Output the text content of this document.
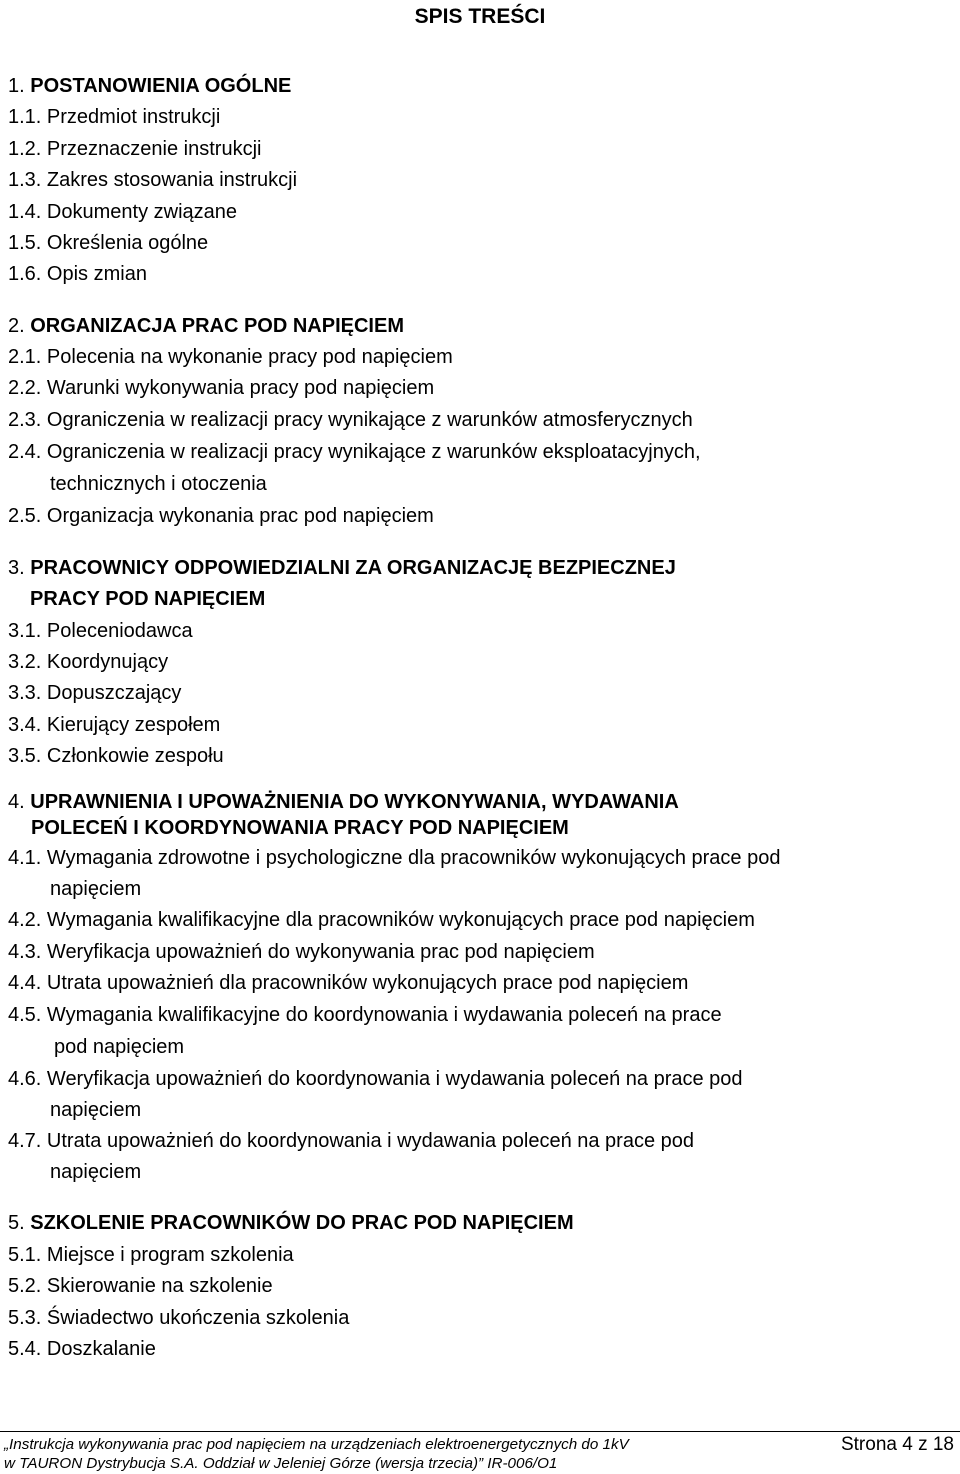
SPIS TREŚCI
1. POSTANOWIENIA OGÓLNE
1.1. Przedmiot instrukcji
1.2. Przeznaczenie instrukcji
1.3. Zakres stosowania instrukcji
1.4. Dokumenty związane
1.5. Określenia ogólne
1.6. Opis zmian
2. ORGANIZACJA PRAC POD NAPIĘCIEM
2.1. Polecenia na wykonanie pracy pod napięciem
2.2. Warunki wykonywania pracy pod napięciem
2.3. Ograniczenia w realizacji pracy wynikające z warunków atmosferycznych
2.4. Ograniczenia w realizacji pracy wynikające z warunków eksploatacyjnych,
technicznych i otoczenia
2.5. Organizacja wykonania prac pod napięciem
3. PRACOWNICY ODPOWIEDZIALNI ZA ORGANIZACJĘ BEZPIECZNEJ
PRACY POD NAPIĘCIEM
3.1. Poleceniodawca
3.2. Koordynujący
3.3. Dopuszczający
3.4. Kierujący zespołem
3.5. Członkowie zespołu
4. UPRAWNIENIA I UPOWAŻNIENIA DO WYKONYWANIA, WYDAWANIA
POLECEŃ I KOORDYNOWANIA PRACY POD NAPIĘCIEM
4.1. Wymagania zdrowotne i psychologiczne dla pracowników wykonujących prace pod
napięciem
4.2. Wymagania kwalifikacyjne dla pracowników wykonujących prace pod napięciem
4.3. Weryfikacja upoważnień do wykonywania prac pod napięciem
4.4. Utrata upoważnień dla pracowników wykonujących prace pod napięciem
4.5. Wymagania kwalifikacyjne do koordynowania i wydawania poleceń na prace
pod napięciem
4.6. Weryfikacja upoważnień do koordynowania i wydawania poleceń na prace pod
napięciem
4.7. Utrata upoważnień do koordynowania i wydawania poleceń na prace pod
napięciem
5. SZKOLENIE PRACOWNIKÓW DO PRAC POD NAPIĘCIEM
5.1. Miejsce i program szkolenia
5.2. Skierowanie na szkolenie
5.3. Świadectwo ukończenia szkolenia
5.4. Doszkalanie
„Instrukcja wykonywania prac pod napięciem na urządzeniach elektroenergetycznych do 1kV
w TAURON Dystrybucja S.A. Oddział w Jeleniej Górze (wersja trzecia)” IR-006/O1
Strona 4 z 18
